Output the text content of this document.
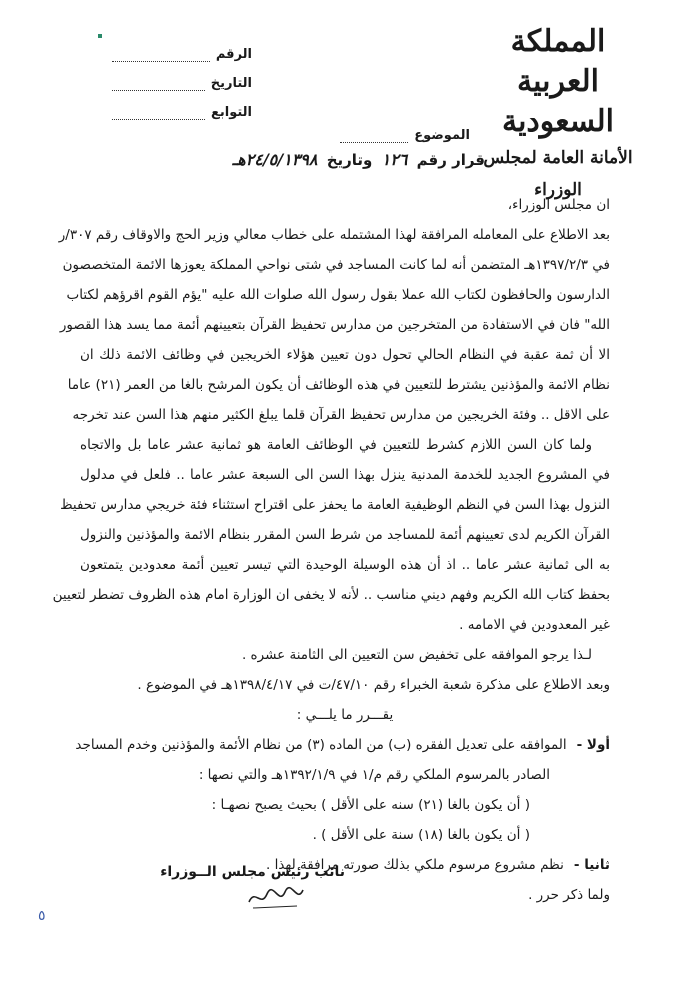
المملكة العربية السعودية
الأمانة العامة لمجلس الوزراء
الرقم
التاريخ
التوابع
الموضوع
قرار رقم ١٢٦ وتاريخ ٢٤/٥/١٣٩٨هـ
ان مجلس الوزراء،
بعد الاطلاع على المعامله المرافقة لهذا المشتمله على خطاب معالي وزير الحج والاوقاف رقم ٣٠٧/ر
في ١٣٩٧/٢/٣هـ المتضمن أنه لما كانت المساجد في شتى نواحي المملكة يعوزها الائمة المتخصصون
الدارسون والحافظون لكتاب الله عملا بقول رسول الله صلوات الله عليه "يؤم القوم اقرؤهم لكتاب
الله" فان في الاستفادة من المتخرجين من مدارس تحفيظ القرآن بتعيينهم أئمة مما يسد هذا القصور
الا أن ثمة عقبة في النظام الحالي تحول دون تعيين هؤلاء الخريجين في وظائف الائمة ذلك ان
نظام الائمة والمؤذنين يشترط للتعيين في هذه الوظائف أن يكون المرشح بالغا من العمر (٢١) عاما
على الاقل .. وفئة الخريجين من مدارس تحفيظ القرآن قلما يبلغ الكثير منهم هذا السن عند تخرجه
ولما كان السن اللازم كشرط للتعيين في الوظائف العامة هو ثمانية عشر عاما بل والاتجاه
في المشروع الجديد للخدمة المدنية ينزل بهذا السن الى السبعة عشر عاما .. فلعل في مدلول
النزول بهذا السن في النظم الوظيفية العامة ما يحفز على اقتراح استثناء فئة خريجي مدارس تحفيظ
القرآن الكريم لدى تعيينهم أئمة للمساجد من شرط السن المقرر بنظام الائمة والمؤذنين والنزول
به الى ثمانية عشر عاما .. اذ أن هذه الوسيلة الوحيدة التي تيسر تعيين أئمة معدودين يتمتعون
بحفظ كتاب الله الكريم وفهم ديني مناسب .. لأنه لا يخفى ان الوزارة امام هذه الظروف تضطر لتعيين
غير المعدودين في الامامه .
لـذا يرجو الموافقه على تخفيض سن التعيين الى الثامنة عشره .
وبعد الاطلاع على مذكرة شعبة الخبراء رقم ٤٧/١٠/ت في ١٣٩٨/٤/١٧هـ في الموضوع .
يقـــرر ما يلـــي :
أولا -الموافقه على تعديل الفقره (ب) من الماده (٣) من نظام الأئمة والمؤذنين وخدم المساجد
الصادر بالمرسوم الملكي رقم م/١ في ١٣٩٢/١/٩هـ والتي نصها :
( أن يكون بالغا (٢١) سنه على الأقل ) بحيث يصبح نصهـا :
( أن يكون بالغا (١٨) سنة على الأقل ) .
ثانيا -نظم مشروع مرسوم ملكي بذلك صورته مرافقة لهذا .
ولما ذكر حرر .
نائب رئيس مجلس الــوزراء
٥
